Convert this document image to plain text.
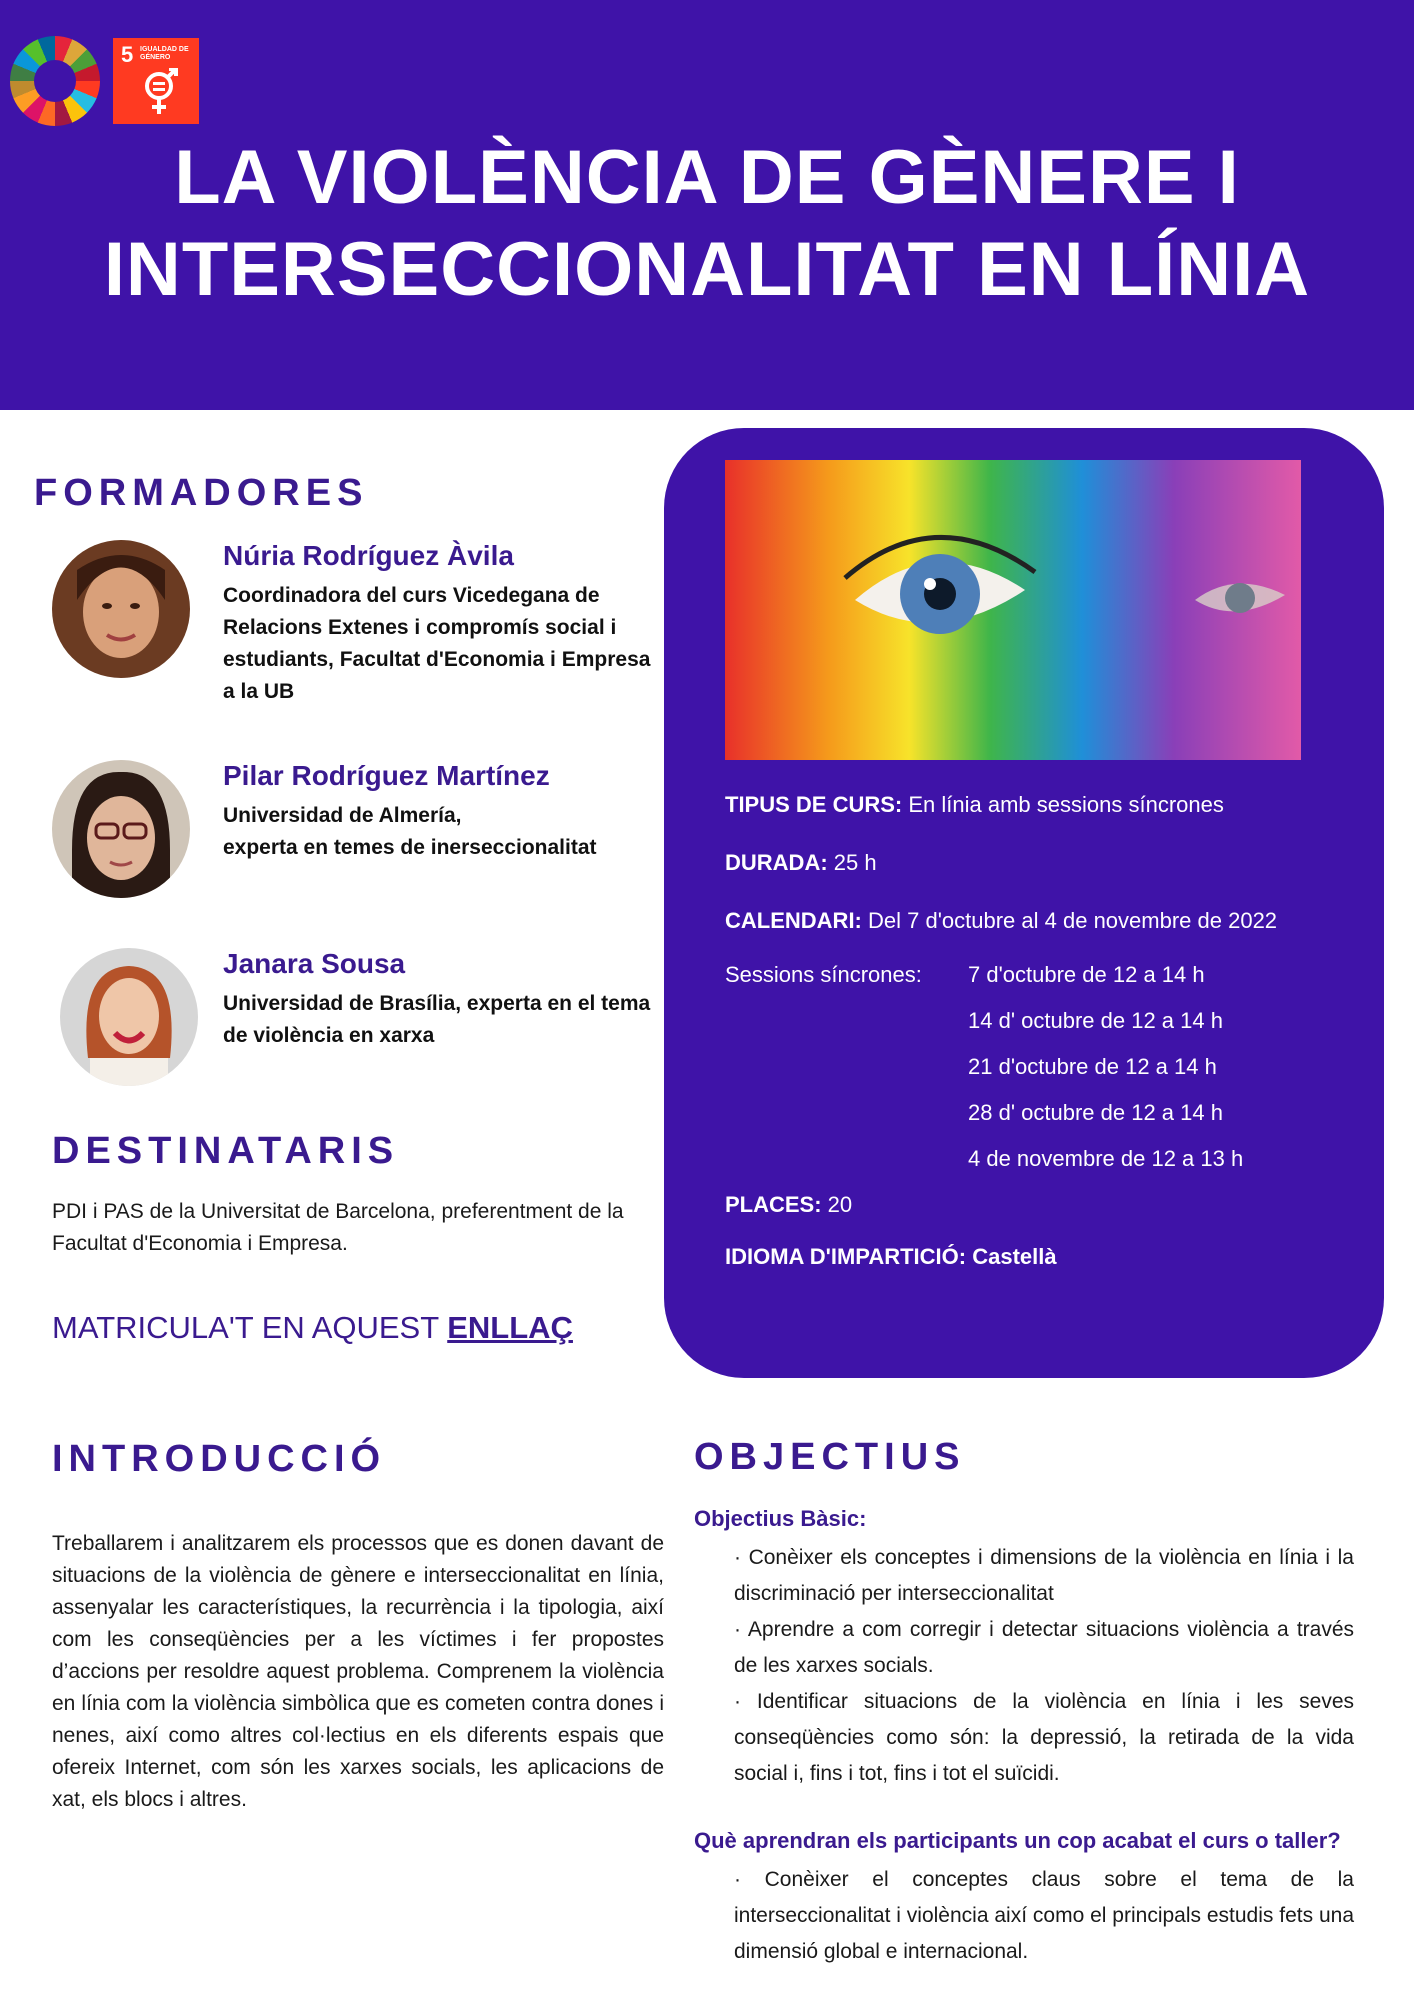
5 IGUALDAD DE GÉNERO
LA VIOLÈNCIA DE GÈNERE I
INTERSECCIONALITAT EN LÍNIA
FORMADORES
Núria Rodríguez Àvila
Coordinadora del curs Vicedegana de Relacions Extenes i compromís social i estudiants, Facultat d'Economia i Empresa a la UB
Pilar Rodríguez Martínez
Universidad de Almería,
experta en temes de inerseccionalitat
Janara Sousa
Universidad de Brasília, experta en el tema de violència en xarxa
DESTINATARIS
PDI i PAS de la Universitat de Barcelona, preferentment de la Facultat d'Economia i Empresa.
MATRICULA'T EN AQUEST ENLLAÇ
TIPUS DE CURS: En línia amb sessions síncrones
DURADA: 25 h
CALENDARI: Del 7 d'octubre al 4 de novembre de 2022
Sessions síncrones: 7 d'octubre de 12 a 14 h
14 d' octubre de 12 a 14 h
21 d'octubre de 12 a 14 h
28 d' octubre de 12 a 14 h
4 de novembre de 12 a 13 h
PLACES: 20
IDIOMA D'IMPARTICIÓ: Castellà
INTRODUCCIÓ
Treballarem i analitzarem els processos que es donen davant de situacions de la violència de gènere e interseccionalitat en línia, assenyalar les característiques, la recurrència i la tipologia, així com les conseqüències per a les víctimes i fer propostes d’accions per resoldre aquest problema. Comprenem la violència en línia com la violència simbòlica que es cometen contra dones i nenes, així como altres col·lectius en els diferents espais que ofereix Internet, com són les xarxes socials, les aplicacions de xat, els blocs i altres.
OBJECTIUS
Objectius Bàsic:
· Conèixer els conceptes i dimensions de la violència en línia i la discriminació per interseccionalitat
· Aprendre a com corregir i detectar situacions violència a través de les xarxes socials.
· Identificar situacions de la violència en línia i les seves conseqüències como són: la depressió, la retirada de la vida social i, fins i tot, fins i tot el suïcidi.
Què aprendran els participants un cop acabat el curs o taller?
· Conèixer el conceptes claus sobre el tema de la interseccionalitat i violència així como el principals estudis fets una dimensió global e internacional.
